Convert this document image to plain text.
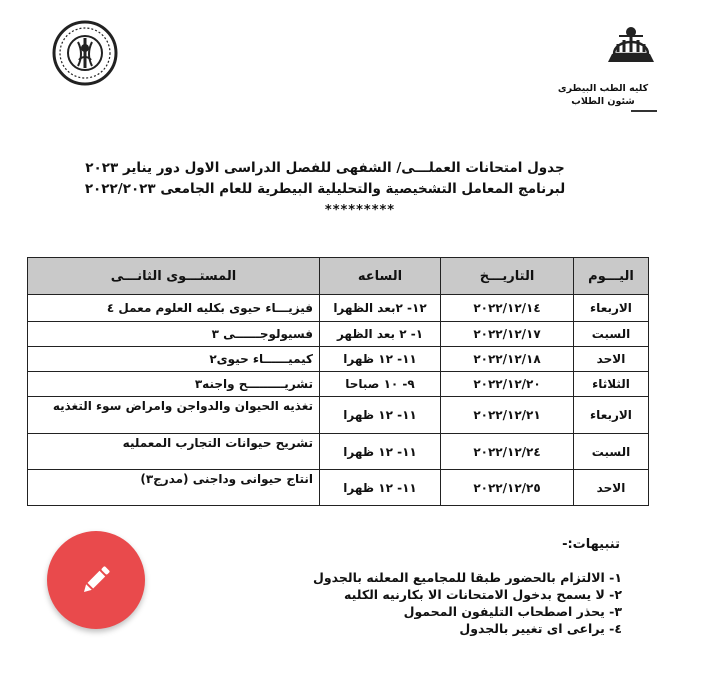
كليه الطب البيطرى
شئون الطلاب
جدول امتحانات العملـــى/ الشفهى للفصل الدراسى الاول دور يناير ٢٠٢٣
لبرنامج المعامل التشخيصية والتحليلية البيطرية للعام الجامعى ٢٠٢٢/٢٠٢٣
*********
اليـــوم	التاريـــخ	الساعه	المستـــوى الثانـــى
الاربعاء	٢٠٢٢/١٢/١٤	١٢- ٢بعد الظهرا	فيزيـــاء حيوى بكليه العلوم معمل ٤
السبت	٢٠٢٢/١٢/١٧	١- ٢ بعد الظهر	فسيولوجــــــى ٣
الاحد	٢٠٢٢/١٢/١٨	١١- ١٢ ظهرا	كيميــــــاء حيوى٢
الثلاثاء	٢٠٢٢/١٢/٢٠	٩- ١٠ صباحا	تشريـــــــــح واجنه٣
الاربعاء	٢٠٢٢/١٢/٢١	١١- ١٢ ظهرا	تغذيه الحيوان والدواجن وامراض سوء التغذيه
السبت	٢٠٢٢/١٢/٢٤	١١- ١٢ ظهرا	تشريح حيوانات التجارب المعمليه
الاحد	٢٠٢٢/١٢/٢٥	١١- ١٢ ظهرا	انتاج حيوانى وداجنى (مدرج٣)
تنبيهات:-
١- الالتزام بالحضور طبقا للمجاميع المعلنه بالجدول
٢- لا يسمح بدخول الامتحانات الا بكارنيه الكليه
٣- يحذر اصطحاب التليفون المحمول
٤- يراعى اى تغيير بالجدول
